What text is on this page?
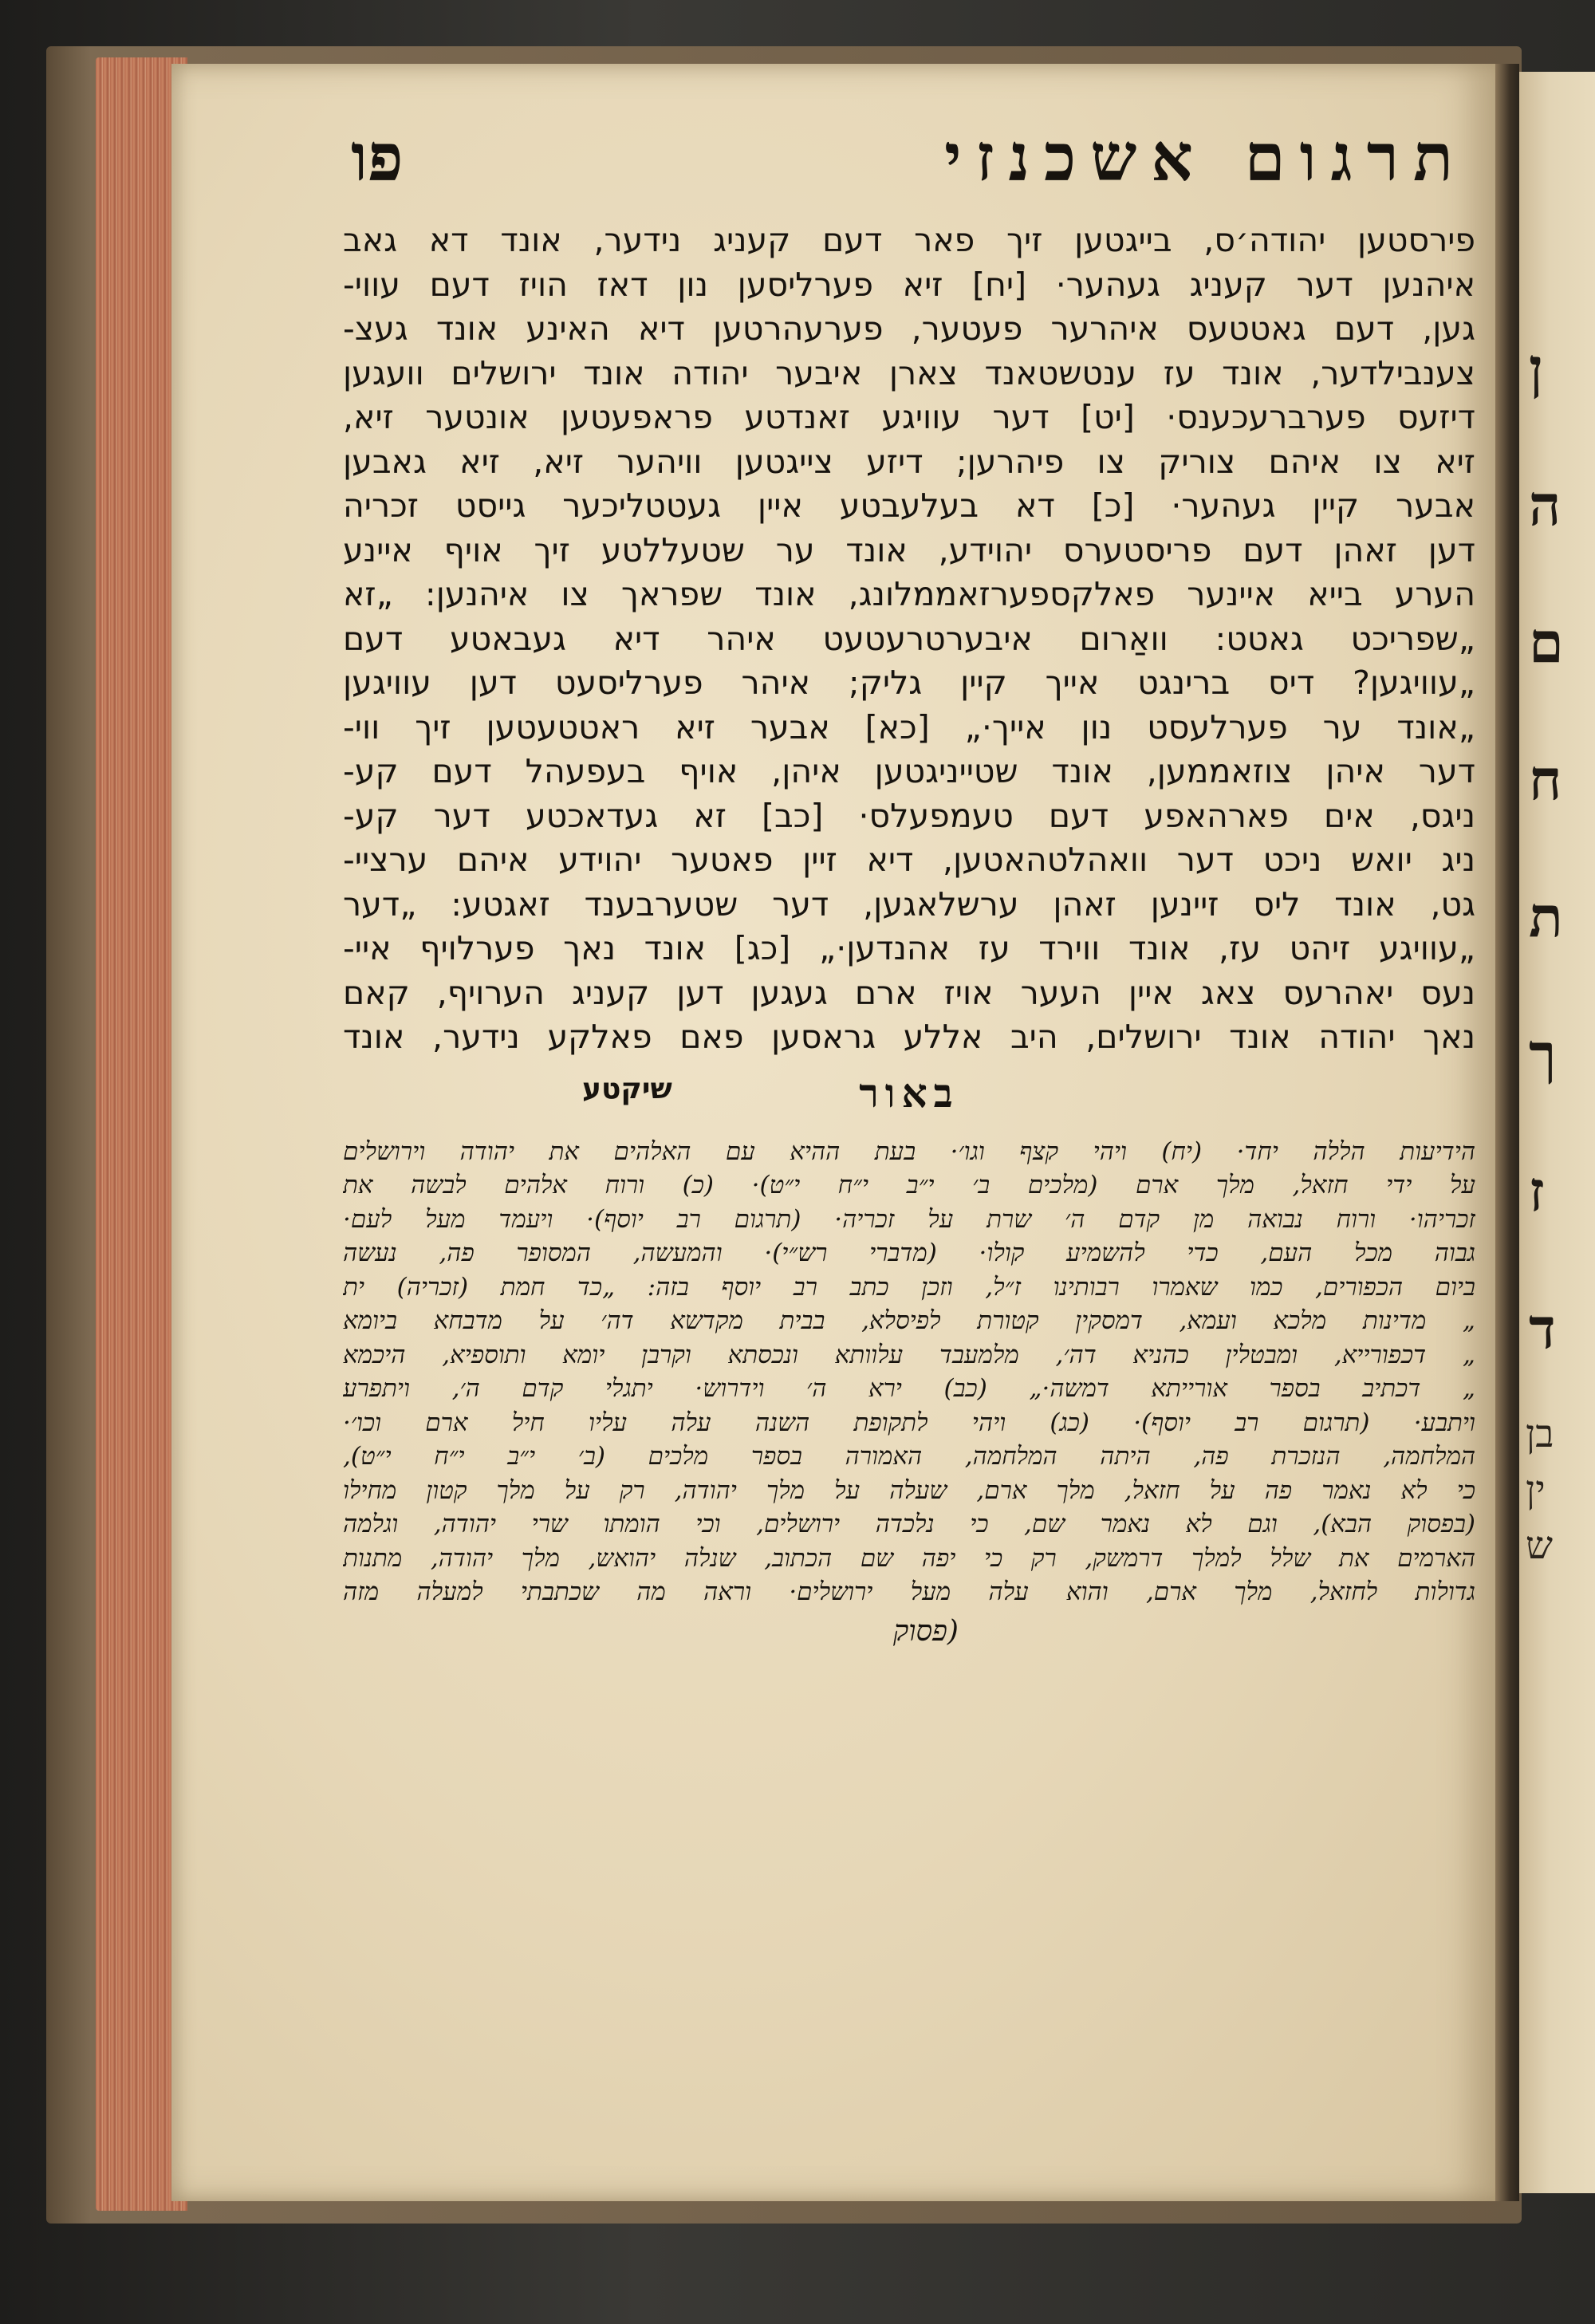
ן
ה
ם
ח
ת
ך
ז
ד
בן
ין
ש
תרגום אשכנזי
פו
פירסטען יהודה׳ס, בייגטען זיך פאר דעם קעניג נידער, אונד דא גאב
איהנען דער קעניג געהער· [יח] זיא פערליסען נון דאז הויז דעם עווי-
גען, דעם גאטטעס איהרער פעטער, פערעהרטען דיא האינע אונד געצ-
צענבילדער, אונד עז ענטשטאנד צארן איבער יהודה אונד ירושלים וועגען
דיזעס פערברעכענס· [יט] דער עוויגע זאנדטע פראפעטען אונטער זיא,
זיא צו איהם צוריק צו פיהרען; דיזע צייגטען וויהער זיא, זיא גאבען
אבער קיין געהער· [כ] דא בעלעבטע איין געטטליכער גייסט זכריה
דען זאהן דעם פריסטערס יהוידע, אונד ער שטעללטע זיך אויף איינע
הערע בייא איינער פאלקספערזאממלונג, אונד שפראך צו איהנען: „זא
„שפריכט גאטט: וואַרום איבערטרעטעט איהר דיא געבאטע דעם
„עוויגען? דיס ברינגט אייך קיין גליק; איהר פערליסעט דען עוויגען
„אונד ער פערלעסט נון אייך·„ [כא] אבער זיא ראטטעטען זיך ווי-
דער איהן צוזאממען, אונד שטייניגטען איהן, אויף בעפעהל דעם קע-
ניגס, אים פארהאפע דעם טעמפעלס· [כב] זא געדאכטע דער קע-
ניג יואש ניכט דער וואהלטהאטען, דיא זיין פאטער יהוידע איהם ערציי-
גט, אונד ליס זיינען זאהן ערשלאגען, דער שטערבענד זאגטע: „דער
„עוויגע זיהט עז, אונד ווירד עז אהנדען·„ [כג] אונד נאך פערלויף איי-
נעס יאהרעס צאג איין העער אויז ארם געגען דען קעניג הערויף, קאם
נאך יהודה אונד ירושלים, היב אללע גראסען פאם פאלקע נידער, אונד
באור
שיקטע
הידיעות הללה יחד· (יח) ויהי קצף וגו׳· בעת ההיא עם האלהים את יהודה וירושלים
על ידי חזאל, מלך ארם (מלכים ב׳ י״ב י״ח י״ט)· (כ) ורוח אלהים לבשה את
זכריהו· ורוח נבואה מן קדם ה׳ שרת על זכריה· (תרגום רב יוסף)· ויעמד מעל לעם·
גבוה מכל העם, כדי להשמיע קולו· (מדברי רש״י)· והמעשה, המסופר פה, נעשה
ביום הכפורים, כמו שאמרו רבותינו ז״ל, וזכן כתב רב יוסף בזה: „כד חמת (זכריה) ית
„ מדינות מלכא ועמא, דמסקין קטורת לפיסלא, בבית מקדשא דה׳ על מדבחא ביומא
„ דכפורייא, ומבטלין כהניא דה׳, מלמעבד עלוותא ונכסתא וקרבן יומא ותוספיא, היכמא
„ דכתיב בספר אורייתא דמשה·„ (כב) ירא ה׳ וידרוש· יתגלי קדם ה׳, ויתפרע
ויתבע· (תרגום רב יוסף)· (כג) ויהי לתקופת השנה עלה עליו חיל ארם וכו׳·
המלחמה, הנזכרת פה, היתה המלחמה, האמורה בספר מלכים (ב׳ י״ב י״ח י״ט),
כי לא נאמר פה על חזאל, מלך ארם, שעלה על מלך יהודה, רק על מלך קטון מחילו
(בפסוק הבא), וגם לא נאמר שם, כי נלכדה ירושלים, וכי הומתו שרי יהודה, וגלמה
הארמים את שלל למלך דרמשק, רק כי יפה שם הכתוב, שנלה יהואש, מלך יהודה, מתנות
גדולות לחזאל, מלך ארם, והוא עלה מעל ירושלים· וראה מה שכתבתי למעלה מזה
(פסוק
